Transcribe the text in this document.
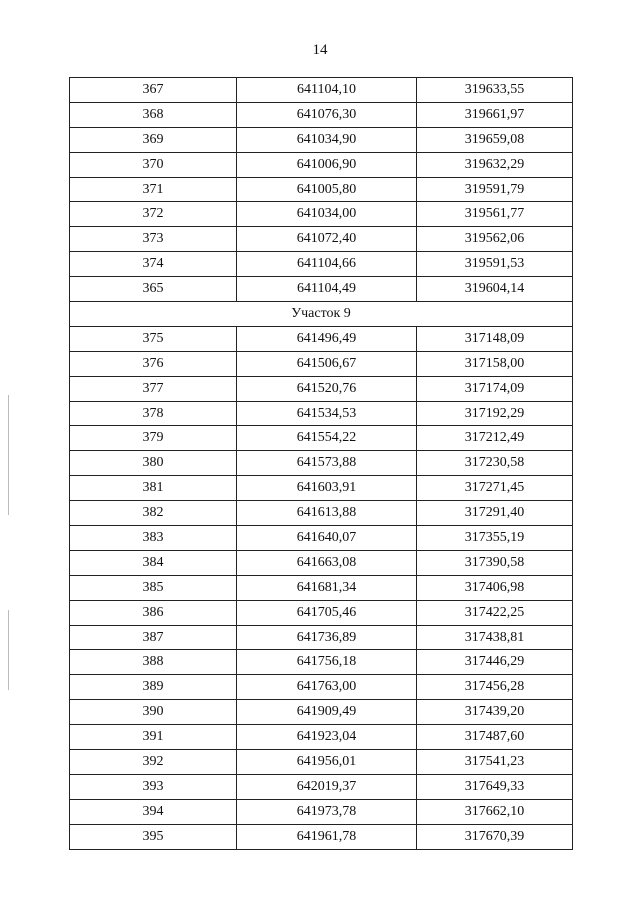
14
367	641104,10	319633,55
368	641076,30	319661,97
369	641034,90	319659,08
370	641006,90	319632,29
371	641005,80	319591,79
372	641034,00	319561,77
373	641072,40	319562,06
374	641104,66	319591,53
365	641104,49	319604,14
Участок 9		
375	641496,49	317148,09
376	641506,67	317158,00
377	641520,76	317174,09
378	641534,53	317192,29
379	641554,22	317212,49
380	641573,88	317230,58
381	641603,91	317271,45
382	641613,88	317291,40
383	641640,07	317355,19
384	641663,08	317390,58
385	641681,34	317406,98
386	641705,46	317422,25
387	641736,89	317438,81
388	641756,18	317446,29
389	641763,00	317456,28
390	641909,49	317439,20
391	641923,04	317487,60
392	641956,01	317541,23
393	642019,37	317649,33
394	641973,78	317662,10
395	641961,78	317670,39
